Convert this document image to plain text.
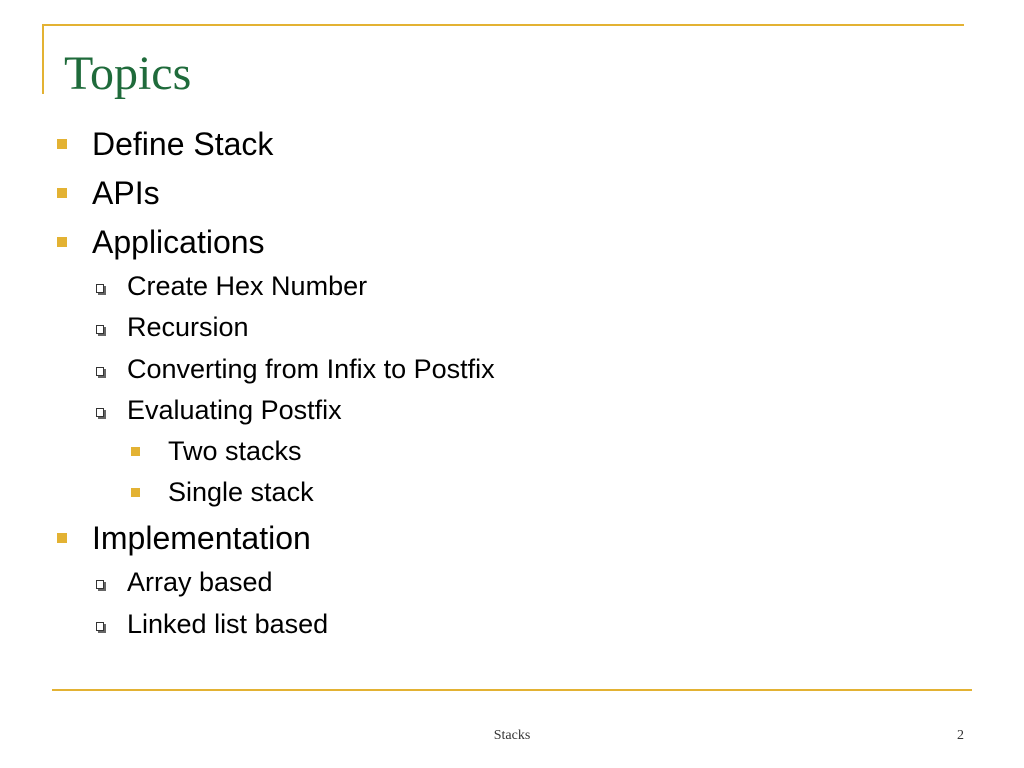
Topics
Define Stack
APIs
Applications
Create Hex Number
Recursion
Converting from Infix to Postfix
Evaluating Postfix
Two stacks
Single stack
Implementation
Array based
Linked list based
Stacks	2
